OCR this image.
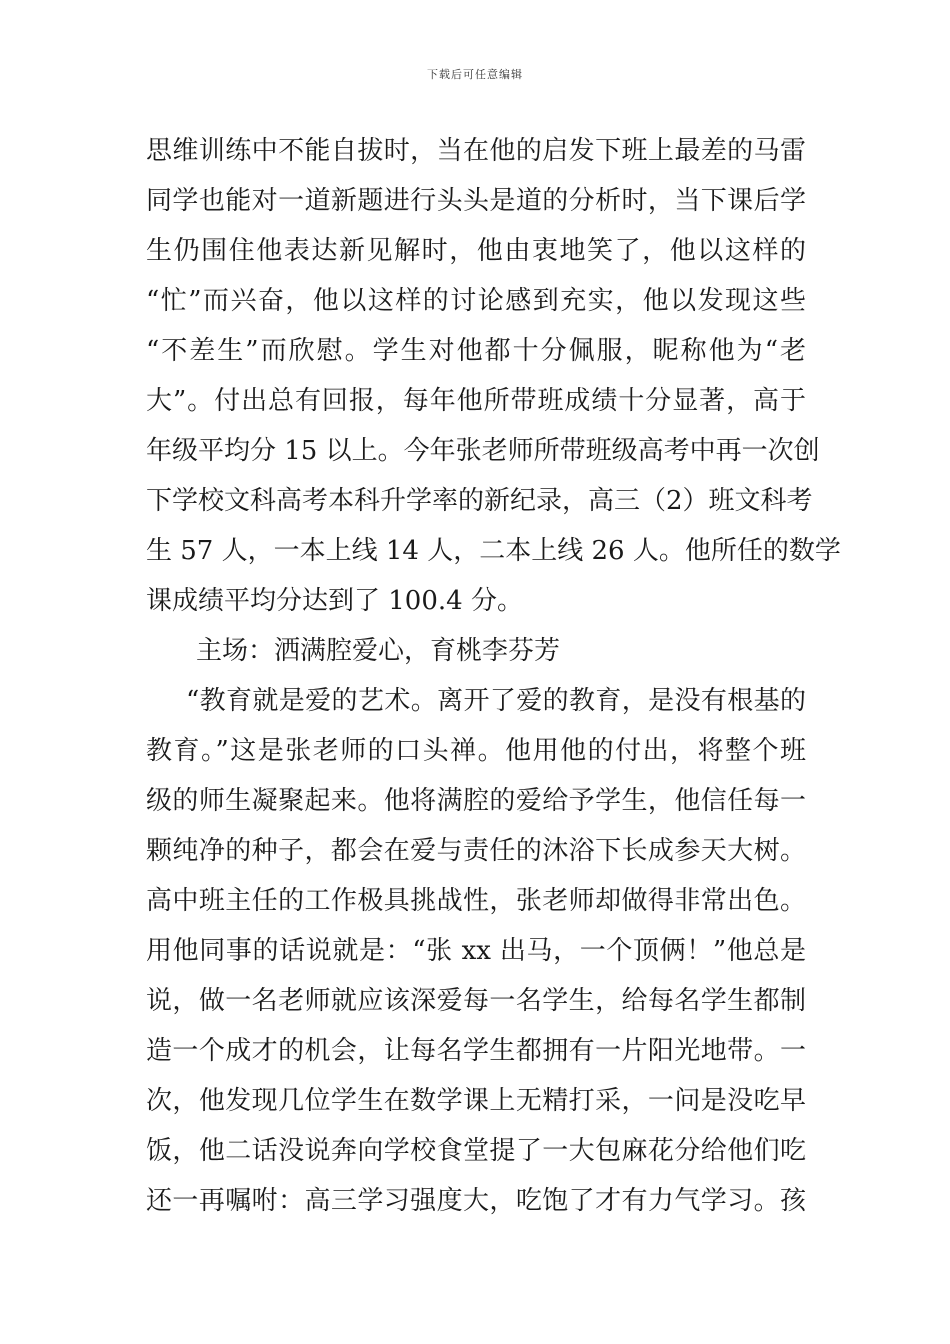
下载后可任意编辑
思维训练中不能自拔时，当在他的启发下班上最差的马雷
同学也能对一道新题进行头头是道的分析时，当下课后学
生仍围住他表达新见解时，他由衷地笑了，他以这样的
“忙”而兴奋，他以这样的讨论感到充实，他以发现这些
“不差生”而欣慰。学生对他都十分佩服，昵称他为“老
大”。付出总有回报，每年他所带班成绩十分显著，高于
年级平均分 15 以上。今年张老师所带班级高考中再一次创
下学校文科高考本科升学率的新纪录，高三（2）班文科考
生 57 人，一本上线 14 人，二本上线 26 人。他所任的数学
课成绩平均分达到了 100.4 分。
主场：洒满腔爱心，育桃李芬芳
“教育就是爱的艺术。离开了爱的教育，是没有根基的
教育。”这是张老师的口头禅。他用他的付出，将整个班
级的师生凝聚起来。他将满腔的爱给予学生，他信任每一
颗纯净的种子，都会在爱与责任的沐浴下长成参天大树。
高中班主任的工作极具挑战性，张老师却做得非常出色。
用他同事的话说就是：“张 xx 出马，一个顶俩！”他总是
说，做一名老师就应该深爱每一名学生，给每名学生都制
造一个成才的机会，让每名学生都拥有一片阳光地带。一
次，他发现几位学生在数学课上无精打采，一问是没吃早
饭，他二话没说奔向学校食堂提了一大包麻花分给他们吃
还一再嘱咐：高三学习强度大，吃饱了才有力气学习。孩
